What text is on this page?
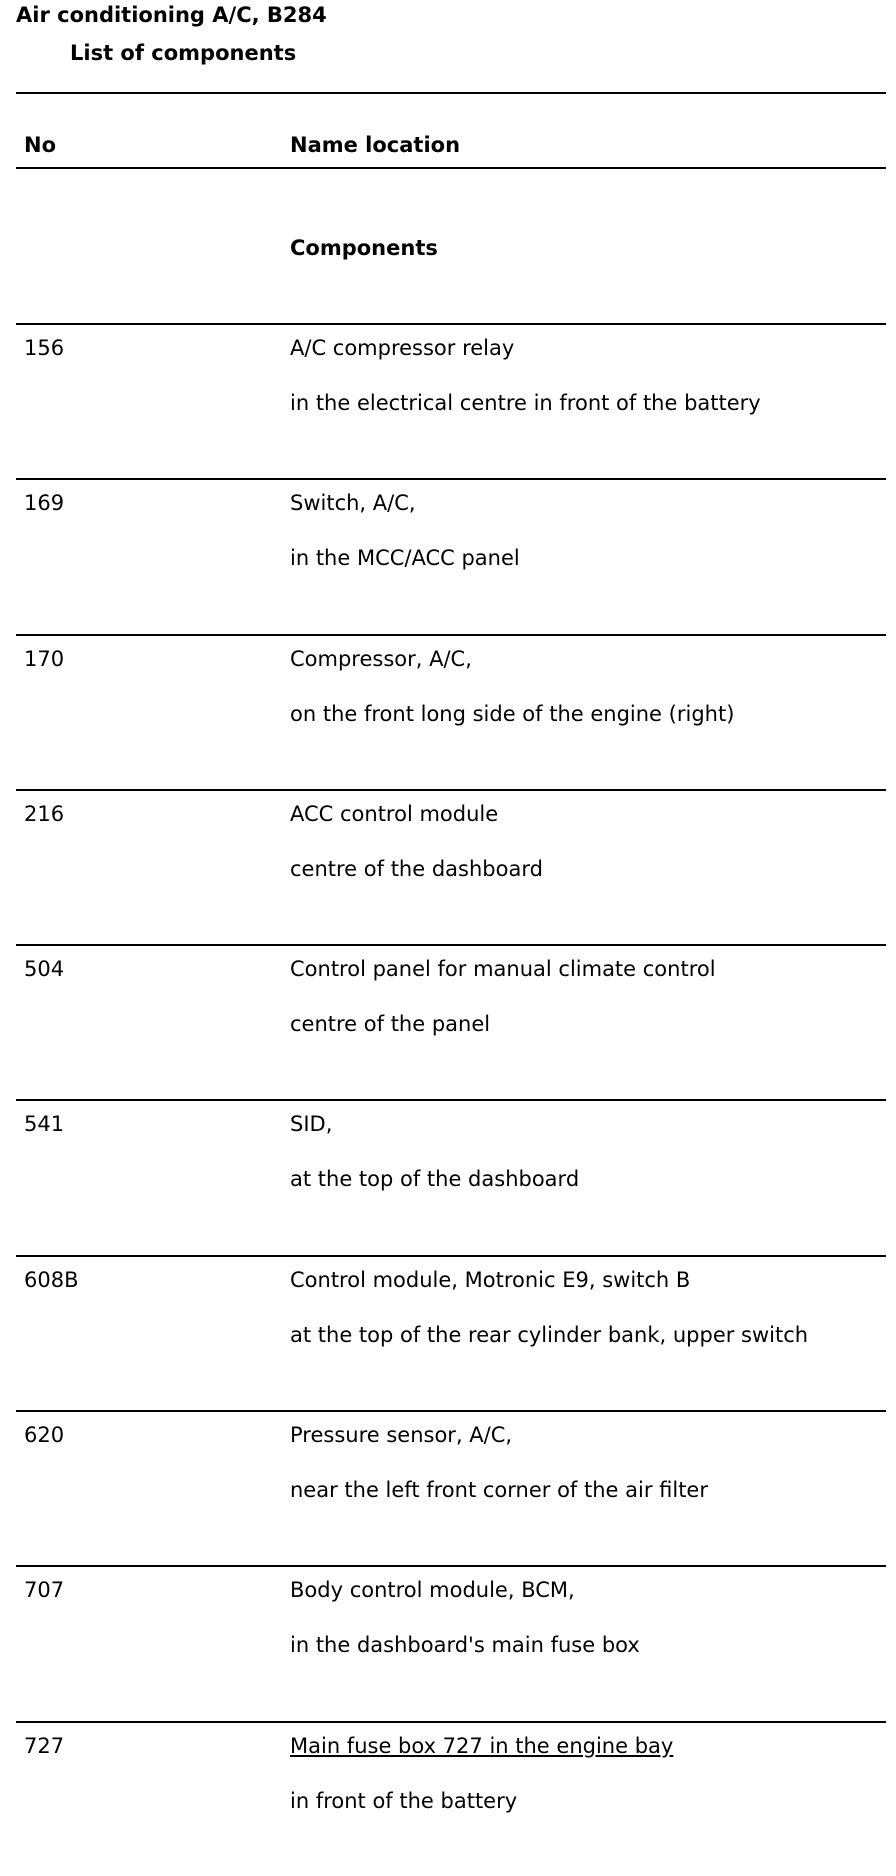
Air conditioning A/C, B284
List of components
No	Name location
Components
156	A/C compressor relay
in the electrical centre in front of the battery
169	Switch, A/C,
in the MCC/ACC panel
170	Compressor, A/C,
on the front long side of the engine (right)
216	ACC control module
centre of the dashboard
504	Control panel for manual climate control
centre of the panel
541	SID,
at the top of the dashboard
608B	Control module, Motronic E9, switch B
at the top of the rear cylinder bank, upper switch
620	Pressure sensor, A/C,
near the left front corner of the air filter
707	Body control module, BCM,
in the dashboard's main fuse box
727	Main fuse box 727 in the engine bay
in front of the battery
